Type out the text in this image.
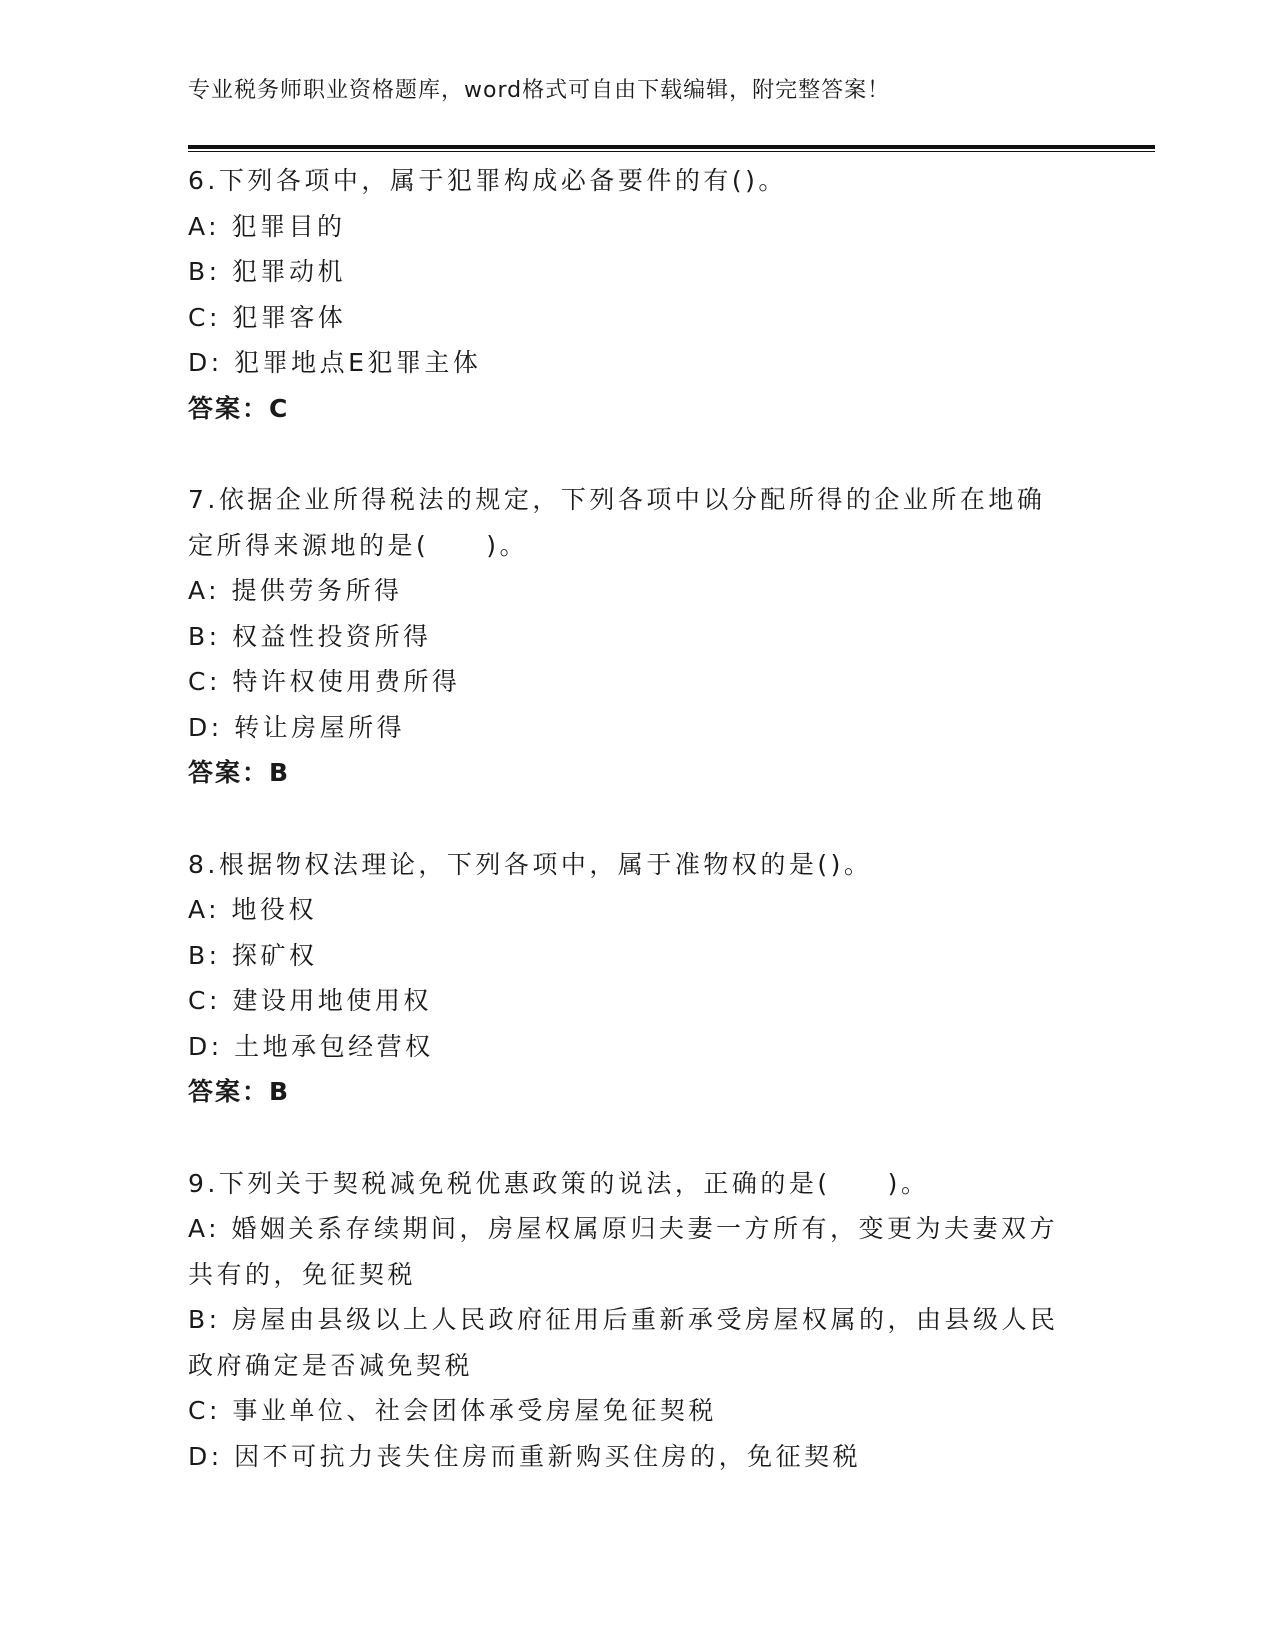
专业税务师职业资格题库，word格式可自由下载编辑，附完整答案！
6.下列各项中，属于犯罪构成必备要件的有()。
A: 犯罪目的
B: 犯罪动机
C: 犯罪客体
D: 犯罪地点E犯罪主体
答案：C
7.依据企业所得税法的规定，下列各项中以分配所得的企业所在地确
定所得来源地的是(　　)。
A: 提供劳务所得
B: 权益性投资所得
C: 特许权使用费所得
D: 转让房屋所得
答案：B
8.根据物权法理论，下列各项中，属于准物权的是()。
A: 地役权
B: 探矿权
C: 建设用地使用权
D: 土地承包经营权
答案：B
9.下列关于契税减免税优惠政策的说法，正确的是(　　)。
A: 婚姻关系存续期间，房屋权属原归夫妻一方所有，变更为夫妻双方
共有的，免征契税
B: 房屋由县级以上人民政府征用后重新承受房屋权属的，由县级人民
政府确定是否减免契税
C: 事业单位、社会团体承受房屋免征契税
D: 因不可抗力丧失住房而重新购买住房的，免征契税
